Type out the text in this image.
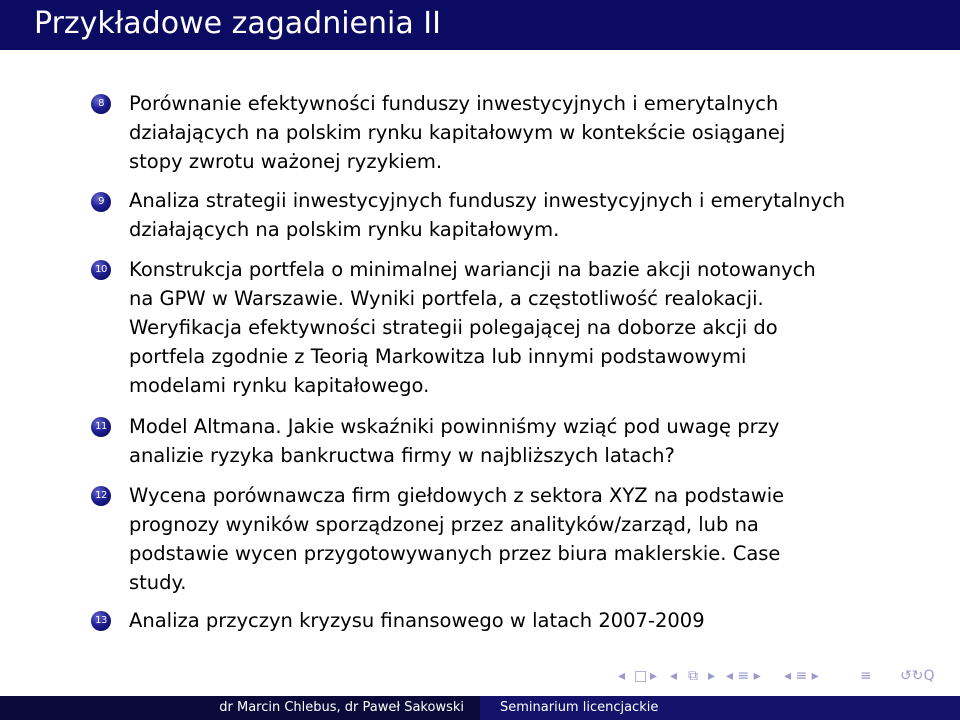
Przykładowe zagadnienia II
8	Porównanie efektywności funduszy inwestycyjnych i emerytalnych
działających na polskim rynku kapitałowym w kontekście osiąganej
stopy zwrotu ważonej ryzykiem.
9	Analiza strategii inwestycyjnych funduszy inwestycyjnych i emerytalnych
działających na polskim rynku kapitałowym.
10 Konstrukcja portfela o minimalnej wariancji na bazie akcji notowanych
na GPW w Warszawie. Wyniki portfela, a częstotliwość realokacji.
Weryfikacja efektywności strategii polegającej na doborze akcji do
portfela zgodnie z Teorią Markowitza lub innymi podstawowymi
modelami rynku kapitałowego.
11 Model Altmana. Jakie wskaźniki powinniśmy wziąć pod uwagę przy
analizie ryzyka bankructwa firmy w najbliższych latach?
12 Wycena porównawcza firm giełdowych z sektora XYZ na podstawie
prognozy wyników sporządzonej przez analityków/zarząd, lub na
podstawie wycen przygotowywanych przez biura maklerskie. Case
study.
13 Analiza przyczyn kryzysu finansowego w latach 2007-2009
◂ □ ▸ ◂ ⧉ ▸ ◂ ≡ ▸ ◂ ≡ ▸	≡ ↺↻Q
dr Marcin Chlebus, dr Paweł Sakowski	Seminarium licencjackie
